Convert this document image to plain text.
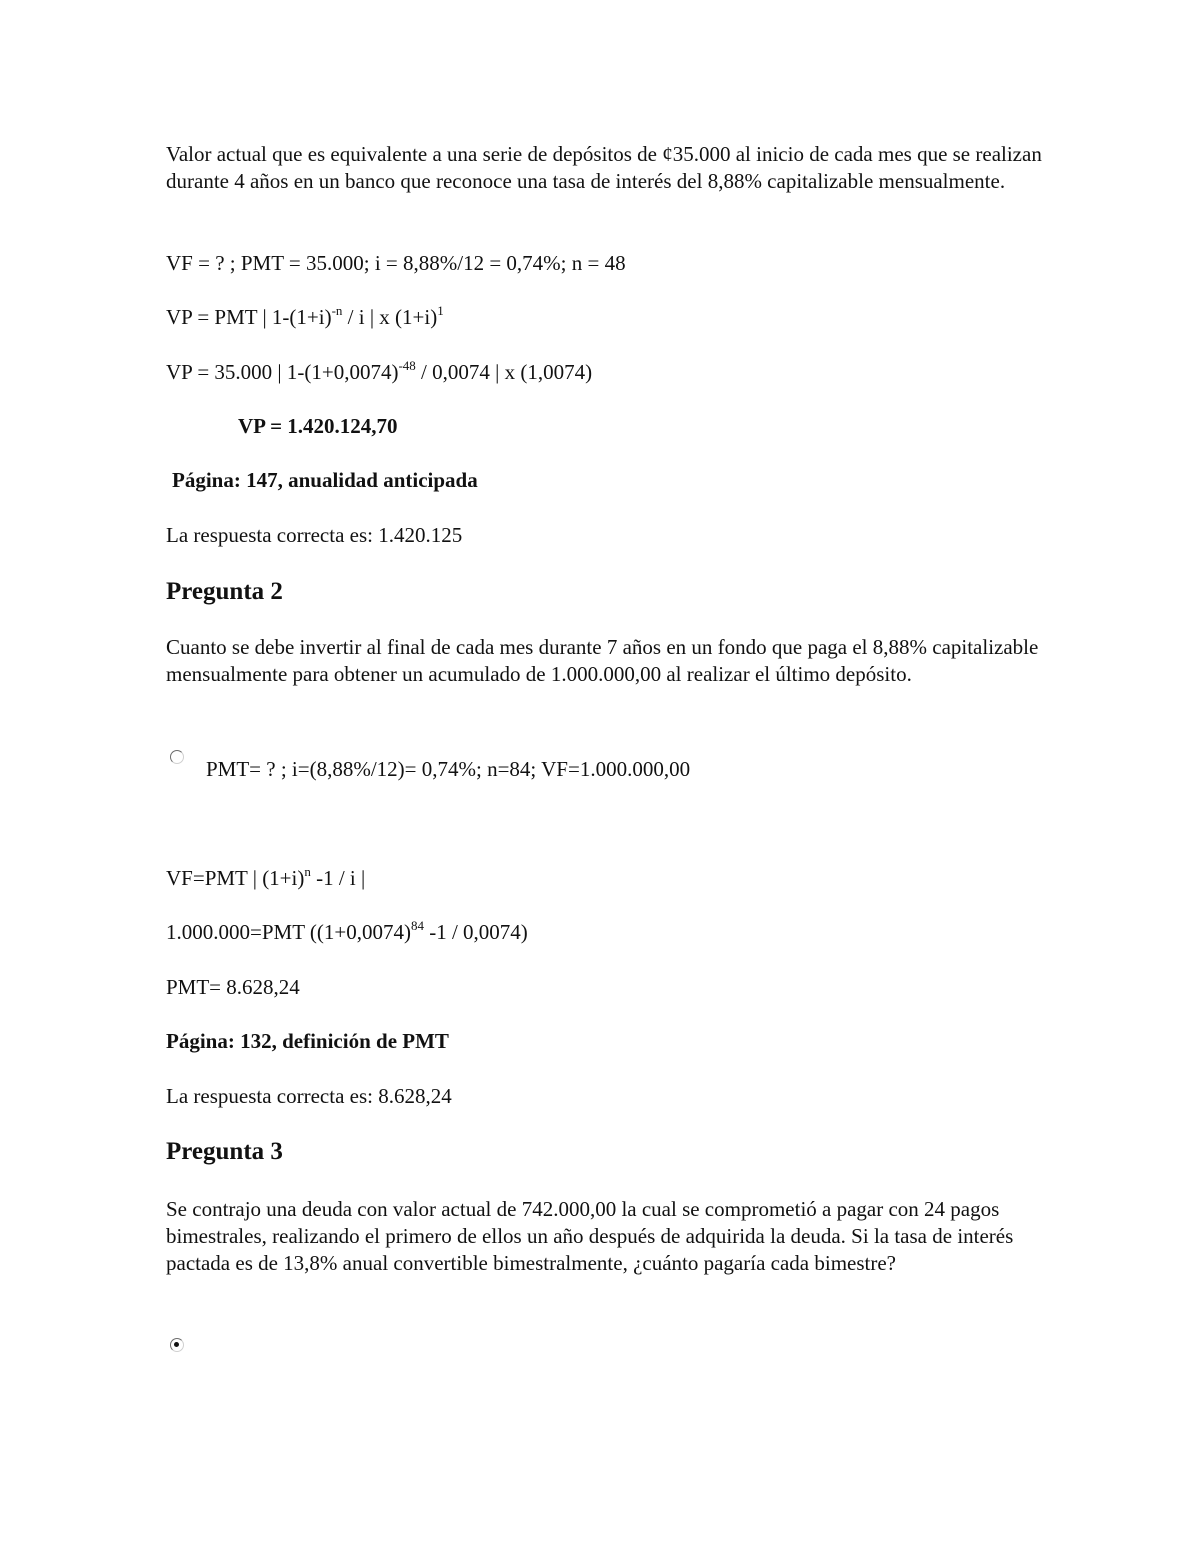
Valor actual que es equivalente a una serie de depósitos de ¢35.000 al inicio de cada mes que se realizan durante 4 años en un banco que reconoce una tasa de interés del 8,88% capitalizable mensualmente.
VF = ? ; PMT = 35.000; i = 8,88%/12 = 0,74%; n = 48
VP = PMT | $1-(1+i)^{-n} / i$ | x $(1+i)^1$
VP = 35.000 | $1-(1+0,0074)^{-48} / 0,0074$ | x (1,0074)
VP = 1.420.124,70
Página: 147, anualidad anticipada
La respuesta correcta es: 1.420.125
Pregunta 2
Cuanto se debe invertir al final de cada mes durante 7 años en un fondo que paga el 8,88% capitalizable mensualmente para obtener un acumulado de 1.000.000,00 al realizar el último depósito.
PMT= ? ; i=(8,88%/12)= 0,74%; n=84; VF=1.000.000,00
VF=PMT | $(1+i)^n$ -1 / i |
1.000.000=PMT ($(1+0,0074)^{84}$ -1 / 0,0074)
PMT= 8.628,24
Página: 132, definición de PMT
La respuesta correcta es: 8.628,24
Pregunta 3
Se contrajo una deuda con valor actual de 742.000,00 la cual se comprometió a pagar con 24 pagos bimestrales, realizando el primero de ellos un año después de adquirida la deuda. Si la tasa de interés pactada es de 13,8% anual convertible bimestralmente, ¿cuánto pagaría cada bimestre?
